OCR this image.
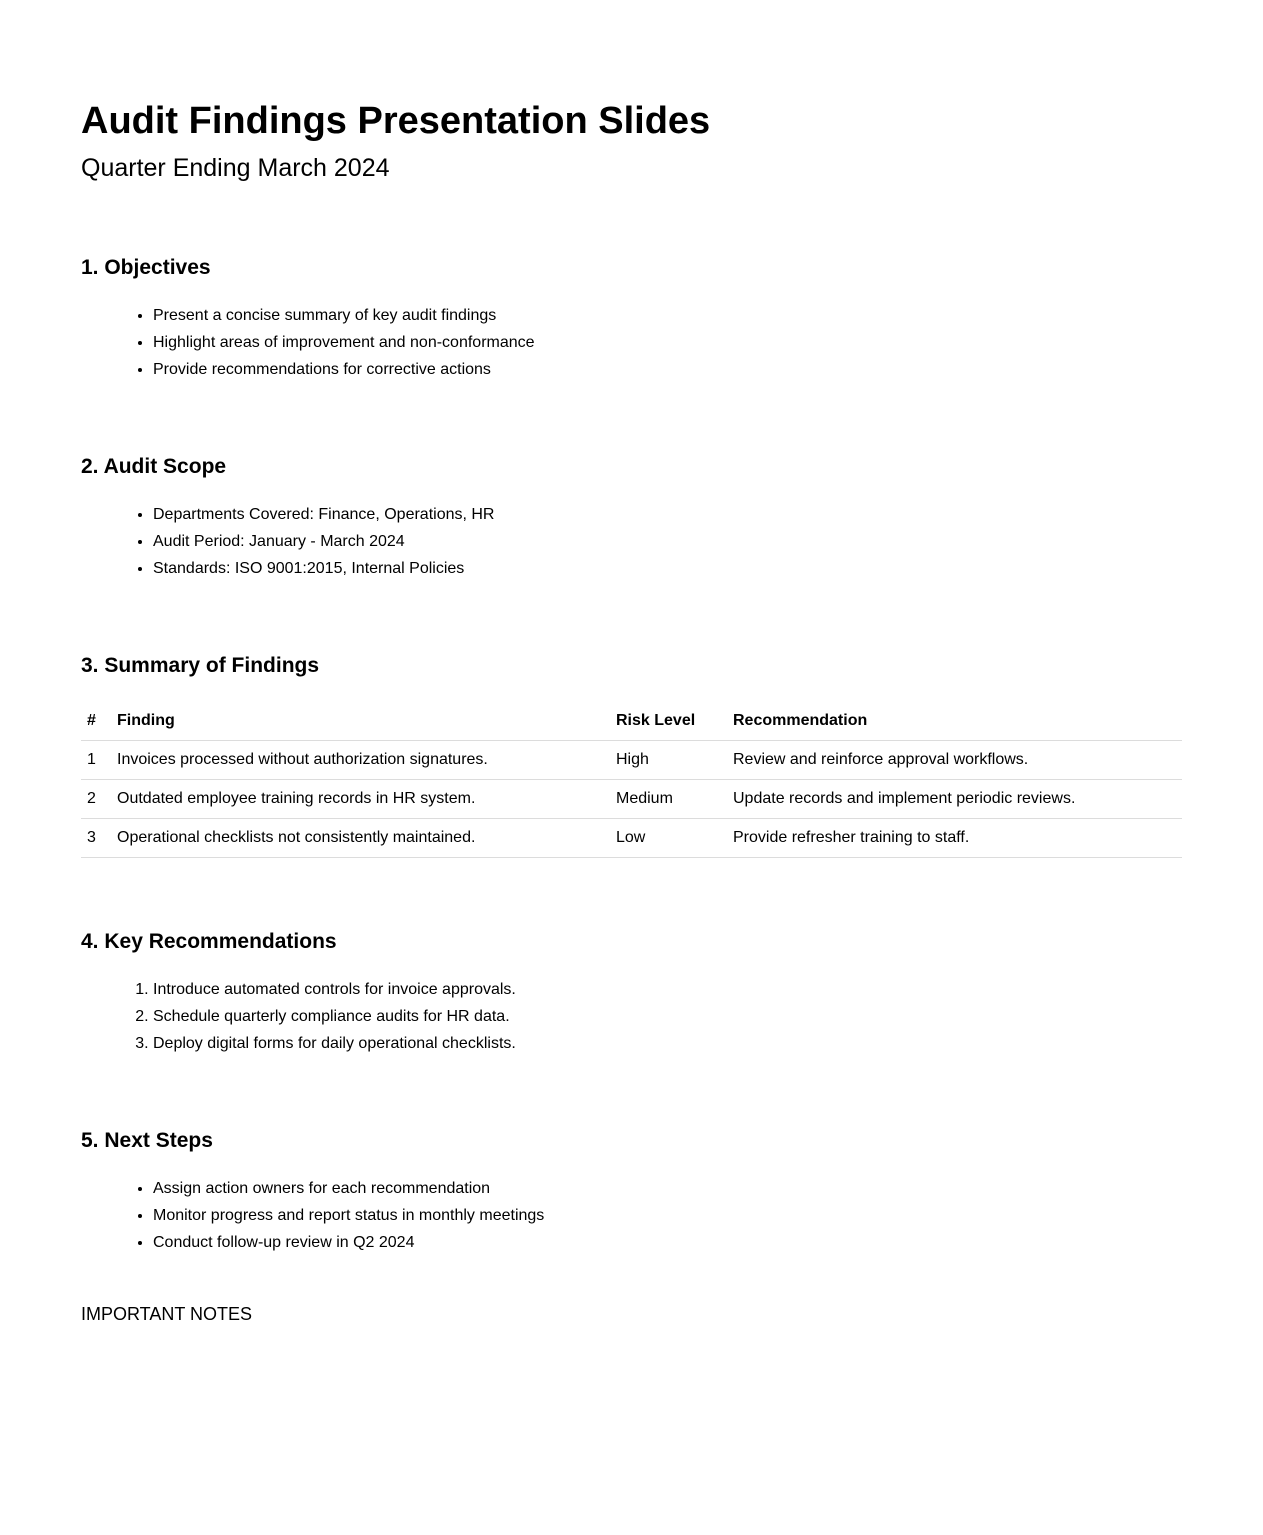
Audit Findings Presentation Slides
Quarter Ending March 2024
1. Objectives
• Present a concise summary of key audit findings
• Highlight areas of improvement and non-conformance
• Provide recommendations for corrective actions
2. Audit Scope
• Departments Covered: Finance, Operations, HR
• Audit Period: January - March 2024
• Standards: ISO 9001:2015, Internal Policies
3. Summary of Findings
#	Finding	Risk Level	Recommendation
1	Invoices processed without authorization signatures.	High	Review and reinforce approval workflows.
2	Outdated employee training records in HR system.	Medium	Update records and implement periodic reviews.
3	Operational checklists not consistently maintained.	Low	Provide refresher training to staff.
4. Key Recommendations
1. Introduce automated controls for invoice approvals.
2. Schedule quarterly compliance audits for HR data.
3. Deploy digital forms for daily operational checklists.
5. Next Steps
• Assign action owners for each recommendation
• Monitor progress and report status in monthly meetings
• Conduct follow-up review in Q2 2024
IMPORTANT NOTES
